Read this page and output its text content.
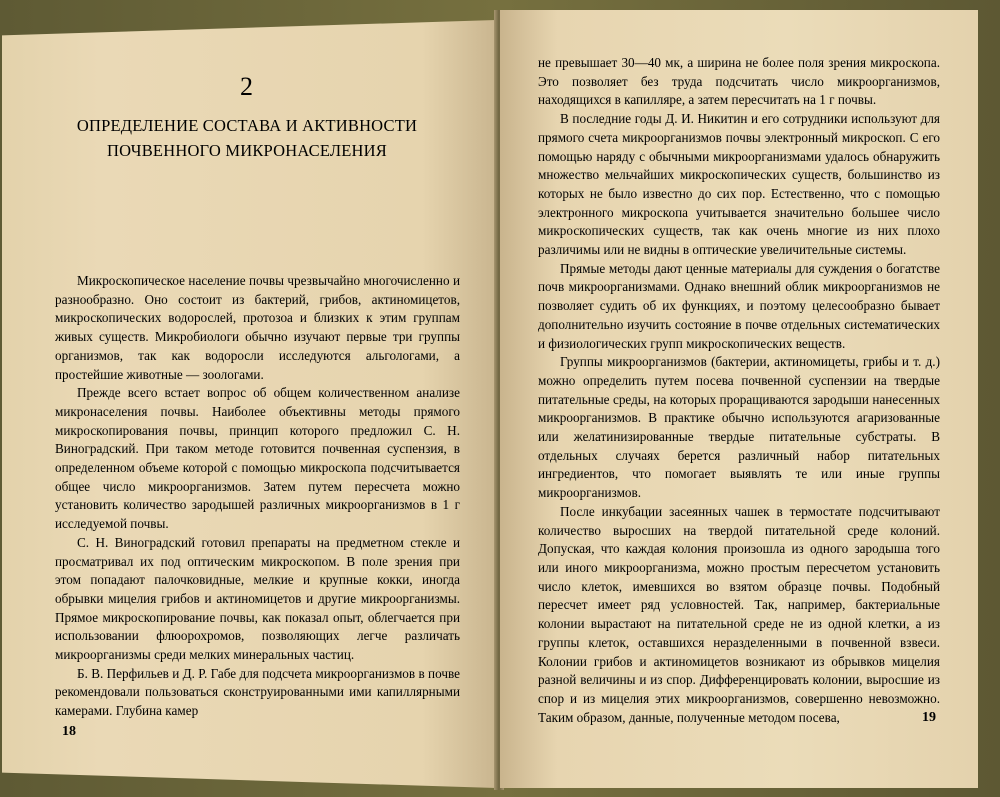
2
ОПРЕДЕЛЕНИЕ СОСТАВА И АКТИВНОСТИ
ПОЧВЕННОГО МИКРОНАСЕЛЕНИЯ

Микроскопическое население почвы чрезвычайно многочисленно и разнообразно. Оно состоит из бактерий, грибов, актиномицетов, микроскопических водорослей, протозоа и близких к этим группам живых существ. Микробиологи обычно изучают первые три группы организмов, так как водоросли исследуются альгологами, а простейшие животные — зоологами.

Прежде всего встает вопрос об общем количественном анализе микронаселения почвы. Наиболее объективны методы прямого микроскопирования почвы, принцип которого предложил С. Н. Виноградский. При таком методе готовится почвенная суспензия, в определенном объеме которой с помощью микроскопа подсчитывается общее число микроорганизмов. Затем путем пересчета можно установить количество зародышей различных микроорганизмов в 1 г исследуемой почвы.

С. Н. Виноградский готовил препараты на предметном стекле и просматривал их под оптическим микроскопом. В поле зрения при этом попадают палочковидные, мелкие и крупные кокки, иногда обрывки мицелия грибов и актиномицетов и другие микроорганизмы. Прямое микроскопирование почвы, как показал опыт, облегчается при использовании флюорохромов, позволяющих легче различать микроорганизмы среди мелких минеральных частиц.

Б. В. Перфильев и Д. Р. Габе для подсчета микроорганизмов в почве рекомендовали пользоваться сконструированными ими капиллярными камерами. Глубина камер

18

не превышает 30—40 мк, а ширина не более поля зрения микроскопа. Это позволяет без труда подсчитать число микроорганизмов, находящихся в капилляре, а затем пересчитать на 1 г почвы.

В последние годы Д. И. Никитин и его сотрудники используют для прямого счета микроорганизмов почвы электронный микроскоп. С его помощью наряду с обычными микроорганизмами удалось обнаружить множество мельчайших микроскопических существ, большинство из которых не было известно до сих пор. Естественно, что с помощью электронного микроскопа учитывается значительно большее число микроскопических существ, так как очень многие из них плохо различимы или не видны в оптические увеличительные системы.

Прямые методы дают ценные материалы для суждения о богатстве почв микроорганизмами. Однако внешний облик микроорганизмов не позволяет судить об их функциях, и поэтому целесообразно бывает дополнительно изучить состояние в почве отдельных систематических и физиологических групп микроскопических веществ.

Группы микроорганизмов (бактерии, актиномицеты, грибы и т. д.) можно определить путем посева почвенной суспензии на твердые питательные среды, на которых проращиваются зародыши нанесенных микроорганизмов. В практике обычно используются агаризованные или желатинизированные твердые питательные субстраты. В отдельных случаях берется различный набор питательных ингредиентов, что помогает выявлять те или иные группы микроорганизмов.

После инкубации засеянных чашек в термостате подсчитывают количество выросших на твердой питательной среде колоний. Допуская, что каждая колония произошла из одного зародыша того или иного микроорганизма, можно простым пересчетом установить число клеток, имевшихся во взятом образце почвы. Подобный пересчет имеет ряд условностей. Так, например, бактериальные колонии вырастают на питательной среде не из одной клетки, а из группы клеток, оставшихся неразделенными в почвенной взвеси. Колонии грибов и актиномицетов возникают из обрывков мицелия разной величины и из спор. Дифференцировать колонии, выросшие из спор и из мицелия этих микроорганизмов, совершенно невозможно. Таким образом, данные, полученные методом посева,	19
